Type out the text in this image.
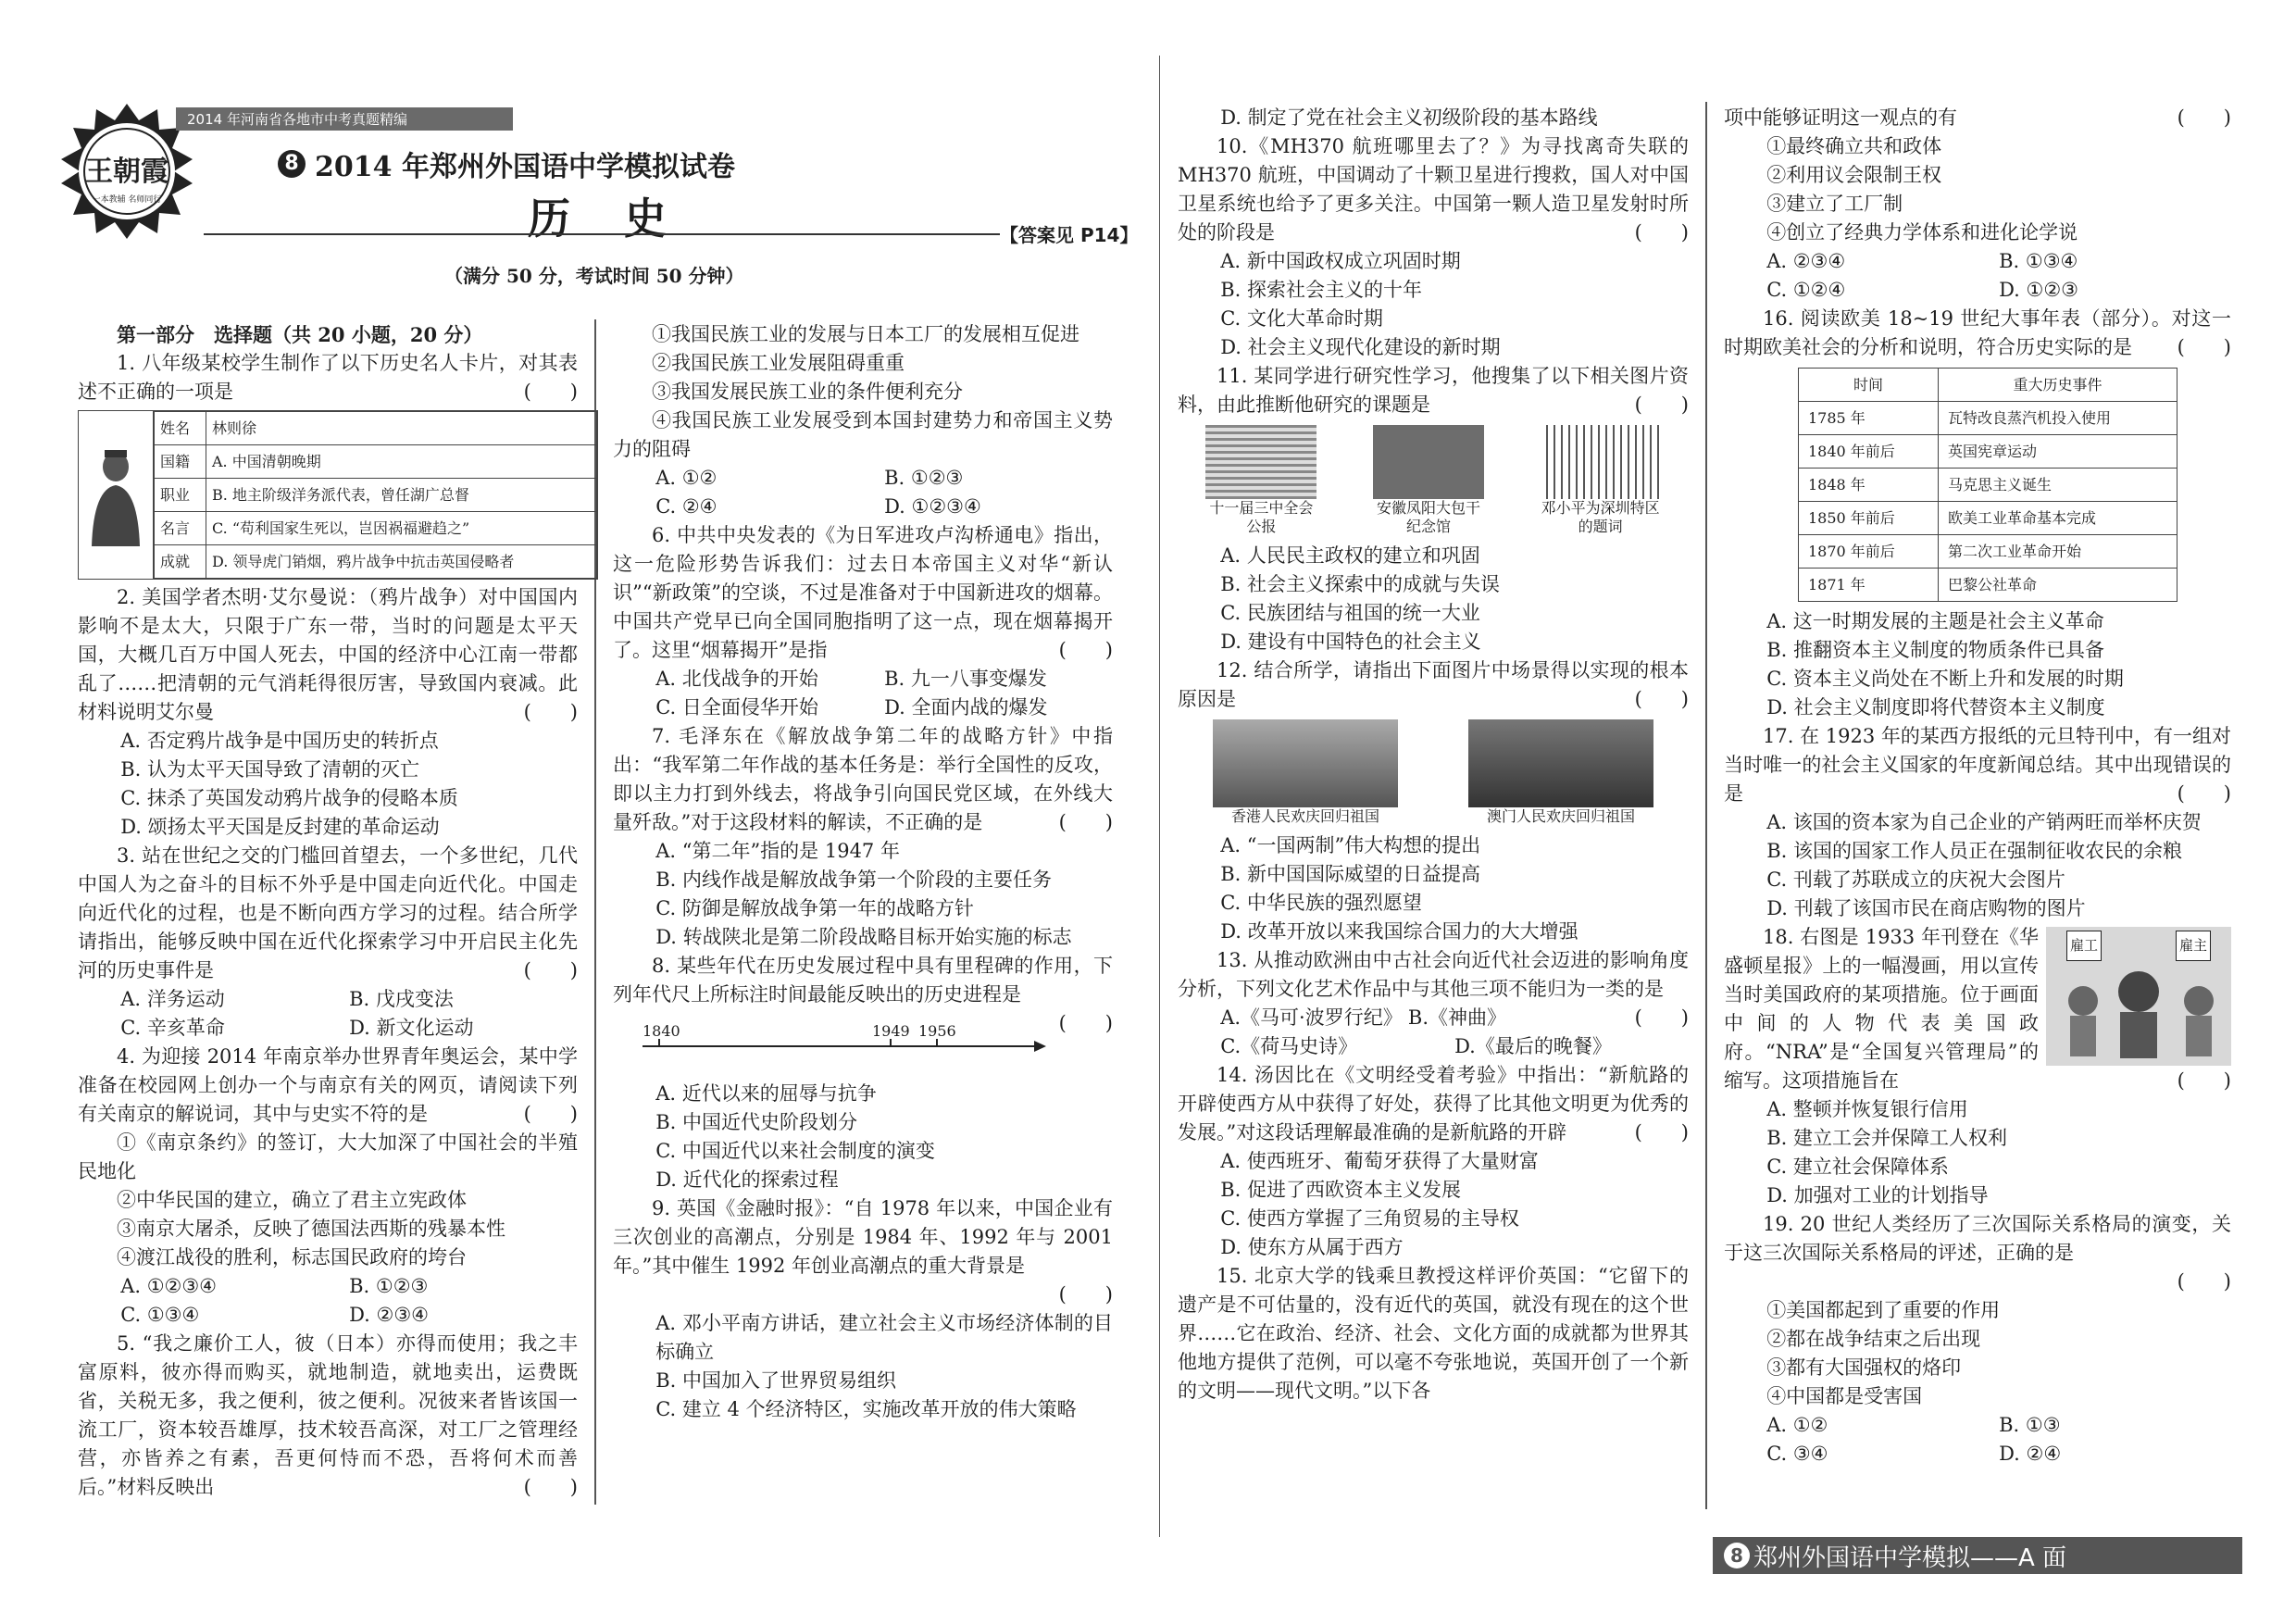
王朝霞
一本教辅 名师同行
2014 年河南省各地市中考真题精编
8 2014 年郑州外国语中学模拟试卷
历　史	【答案见 P14】
（满分 50 分，考试时间 50 分钟）

第一部分　选择题（共 20 小题，20 分）

1. 八年级某校学生制作了以下历史名人卡片，对其表述不正确的一项是	(　　)

姓名	林则徐
国籍	A. 中国清朝晚期
职业	B. 地主阶级洋务派代表，曾任湖广总督
名言	C. “苟利国家生死以，岂因祸福避趋之”
成就	D. 领导虎门销烟，鸦片战争中抗击英国侵略者

2. 美国学者杰明·艾尔曼说：（鸦片战争）对中国国内影响不是太大，只限于广东一带，当时的问题是太平天国，大概几百万中国人死去，中国的经济中心江南一带都乱了……把清朝的元气消耗得很厉害，导致国内衰减。此材料说明艾尔曼	(　　)

A. 否定鸦片战争是中国历史的转折点

B. 认为太平天国导致了清朝的灭亡

C. 抹杀了英国发动鸦片战争的侵略本质

D. 颂扬太平天国是反封建的革命运动

3. 站在世纪之交的门槛回首望去，一个多世纪，几代中国人为之奋斗的目标不外乎是中国走向近代化。中国走向近代化的过程，也是不断向西方学习的过程。结合所学请指出，能够反映中国在近代化探索学习中开启民主化先河的历史事件是	(　　)

A. 洋务运动	B. 戊戌变法
C. 辛亥革命	D. 新文化运动

4. 为迎接 2014 年南京举办世界青年奥运会，某中学准备在校园网上创办一个与南京有关的网页，请阅读下列有关南京的解说词，其中与史实不符的是	(　　)

①《南京条约》的签订，大大加深了中国社会的半殖民地化

②中华民国的建立，确立了君主立宪政体

③南京大屠杀，反映了德国法西斯的残暴本性

④渡江战役的胜利，标志国民政府的垮台

A. ①②③④	B. ①②③
C. ①③④	D. ②③④

5. “我之廉价工人，彼（日本）亦得而使用；我之丰富原料，彼亦得而购买，就地制造，就地卖出，运费既省，关税无多，我之便利，彼之便利。况彼来者皆该国一流工厂，资本较吾雄厚，技术较吾高深，对工厂之管理经营，亦皆养之有素，吾更何恃而不恐，吾将何术而善后。”材料反映出	(　　)

①我国民族工业的发展与日本工厂的发展相互促进

②我国民族工业发展阻碍重重

③我国发展民族工业的条件便利充分

④我国民族工业发展受到本国封建势力和帝国主义势力的阻碍

A. ①②	B. ①②③
C. ②④	D. ①②③④

6. 中共中央发表的《为日军进攻卢沟桥通电》指出，这一危险形势告诉我们：过去日本帝国主义对华“新认识”“新政策”的空谈，不过是准备对于中国新进攻的烟幕。中国共产党早已向全国同胞指明了这一点，现在烟幕揭开了。这里“烟幕揭开”是指	(　　)

A. 北伐战争的开始	B. 九一八事变爆发
C. 日全面侵华开始	D. 全面内战的爆发

7. 毛泽东在《解放战争第二年的战略方针》中指出：“我军第二年作战的基本任务是：举行全国性的反攻，即以主力打到外线去，将战争引向国民党区域，在外线大量歼敌。”对于这段材料的解读，不正确的是	(　　)

A. “第二年”指的是 1947 年

B. 内线作战是解放战争第一个阶段的主要任务

C. 防御是解放战争第一年的战略方针

D. 转战陕北是第二阶段战略目标开始实施的标志

8. 某些年代在历史发展过程中具有里程碑的作用，下列年代尺上所标注时间最能反映出的历史进程是
(　　)

1840	1949 1956

A. 近代以来的屈辱与抗争

B. 中国近代史阶段划分

C. 中国近代以来社会制度的演变

D. 近代化的探索过程

9. 英国《金融时报》：“自 1978 年以来，中国企业有三次创业的高潮点，分别是 1984 年、1992 年与 2001 年。”其中催生 1992 年创业高潮点的重大背景是

(　　)

A. 邓小平南方讲话，建立社会主义市场经济体制的目标确立

B. 中国加入了世界贸易组织

C. 建立 4 个经济特区，实施改革开放的伟大策略

D. 制定了党在社会主义初级阶段的基本路线

10.《MH370 航班哪里去了？》为寻找离奇失联的 MH370 航班，中国调动了十颗卫星进行搜救，国人对中国卫星系统也给予了更多关注。中国第一颗人造卫星发射时所处的阶段是	(　　)

A. 新中国政权成立巩固时期

B. 探索社会主义的十年

C. 文化大革命时期

D. 社会主义现代化建设的新时期

11. 某同学进行研究性学习，他搜集了以下相关图片资料，由此推断他研究的课题是	(　　)

十一届三中全会公报
安徽凤阳大包干纪念馆
邓小平为深圳特区的题词

A. 人民民主政权的建立和巩固

B. 社会主义探索中的成就与失误

C. 民族团结与祖国的统一大业

D. 建设有中国特色的社会主义

12. 结合所学，请指出下面图片中场景得以实现的根本原因是	(　　)

香港人民欢庆回归祖国	澳门人民欢庆回归祖国

A. “一国两制”伟大构想的提出

B. 新中国国际威望的日益提高

C. 中华民族的强烈愿望

D. 改革开放以来我国综合国力的大大增强

13. 从推动欧洲由中古社会向近代社会迈进的影响角度分析，下列文化艺术作品中与其他三项不能归为一类的是
(　　)

A.《马可·波罗行纪》 B.《神曲》
C.《荷马史诗》	D.《最后的晚餐》

14. 汤因比在《文明经受着考验》中指出：“新航路的开辟使西方从中获得了好处，获得了比其他文明更为优秀的发展。”对这段话理解最准确的是新航路的开辟	(　　)

A. 使西班牙、葡萄牙获得了大量财富

B. 促进了西欧资本主义发展

C. 使西方掌握了三角贸易的主导权

D. 使东方从属于西方

15. 北京大学的钱乘旦教授这样评价英国：“它留下的遗产是不可估量的，没有近代的英国，就没有现在的这个世界……它在政治、经济、社会、文化方面的成就都为世界其他地方提供了范例，可以毫不夸张地说，英国开创了一个新的文明——现代文明。”以下各

项中能够证明这一观点的有	(　　)

①最终确立共和政体

②利用议会限制王权

③建立了工厂制

④创立了经典力学体系和进化论学说

A. ②③④	B. ①③④
C. ①②④	D. ①②③

16. 阅读欧美 18~19 世纪大事年表（部分）。对这一时期欧美社会的分析和说明，符合历史实际的是	(　　)

时间	重大历史事件
1785 年	瓦特改良蒸汽机投入使用
1840 年前后	英国宪章运动
1848 年	马克思主义诞生
1850 年前后	欧美工业革命基本完成
1870 年前后	第二次工业革命开始
1871 年	巴黎公社革命

A. 这一时期发展的主题是社会主义革命

B. 推翻资本主义制度的物质条件已具备

C. 资本主义尚处在不断上升和发展的时期

D. 社会主义制度即将代替资本主义制度

17. 在 1923 年的某西方报纸的元旦特刊中，有一组对当时唯一的社会主义国家的年度新闻总结。其中出现错误的是	(　　)

A. 该国的资本家为自己企业的产销两旺而举杯庆贺

B. 该国的国家工作人员正在强制征收农民的余粮

C. 刊载了苏联成立的庆祝大会图片

D. 刊载了该国市民在商店购物的图片

雇工	雇主

18. 右图是 1933 年刊登在《华盛顿星报》上的一幅漫画，用以宣传当时美国政府的某项措施。位于画面中间的人物代表美国政府。“NRA”是“全国复兴管理局”的缩写。这项措施旨在	(　　)

A. 整顿并恢复银行信用

B. 建立工会并保障工人权利

C. 建立社会保障体系

D. 加强对工业的计划指导

19. 20 世纪人类经历了三次国际关系格局的演变，关于这三次国际关系格局的评述，正确的是

(　　)

①美国都起到了重要的作用

②都在战争结束之后出现

③都有大国强权的烙印

④中国都是受害国

A. ①②	B. ①③
C. ③④	D. ②④
8 郑州外国语中学模拟——A 面
